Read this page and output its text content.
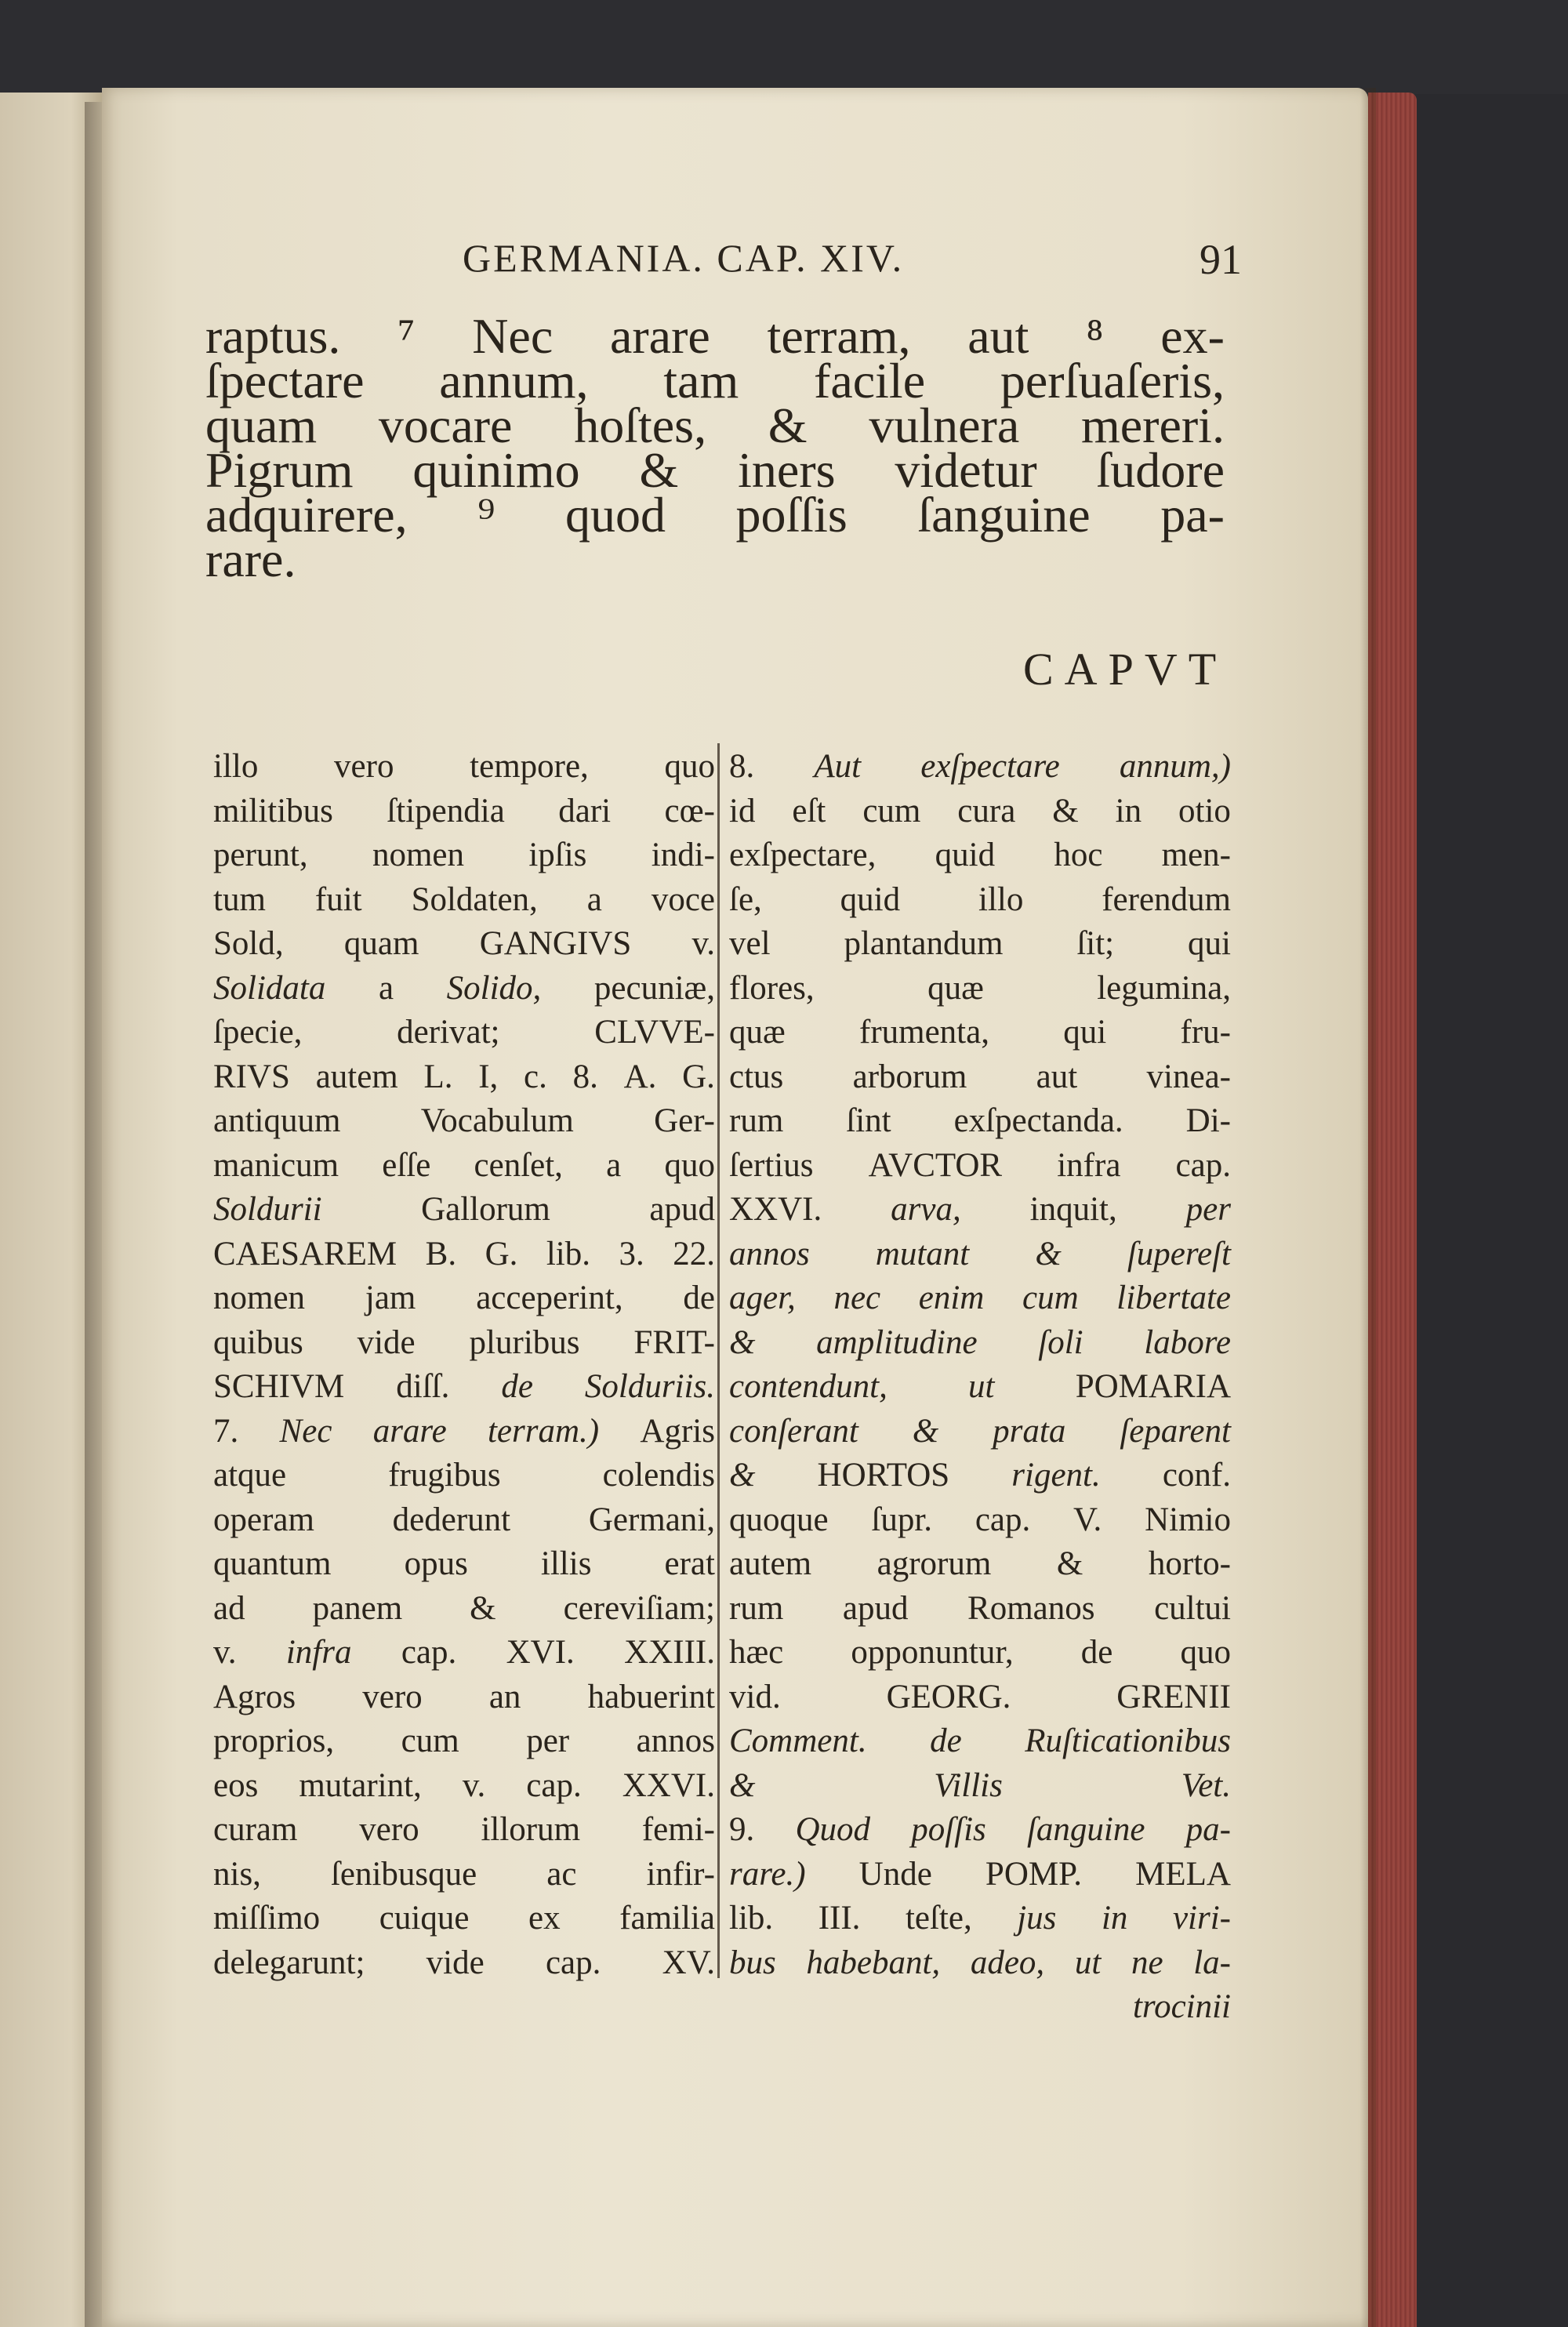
GERMANIA. CAP. XIV.	91
raptus. ⁷ Nec arare terram, aut ⁸ ex-
ſpectare annum, tam facile perſuaſeris,
quam vocare hoſtes, & vulnera mereri.
Pigrum quinimo & iners videtur ſudore
adquirere, ⁹ quod poſſis ſanguine pa-
rare.
CAPVT
illo vero tempore, quo
militibus ſtipendia dari cœ-
perunt, nomen ipſis indi-
tum fuit Soldaten, a voce
Sold, quam GANGIVS v.
Solidata a Solido, pecuniæ,
ſpecie,	derivat;	CLVVE-
RIVS autem L. I, c. 8. A. G.
antiquum Vocabulum Ger-
manicum eſſe cenſet, a quo
Soldurii	Gallorum	apud
CAESAREM B. G. lib. 3. 22.
nomen jam acceperint, de
quibus vide pluribus FRIT-
SCHIVM diſſ. de Solduriis.
7. Nec arare terram.) Agris
atque	frugibus	colendis
operam dederunt Germani,
quantum opus illis erat
ad panem & cereviſiam;
v. infra cap. XVI. XXIII.
Agros vero an habuerint
proprios, cum per annos
eos mutarint, v. cap. XXVI.
curam vero illorum femi-
nis, ſenibusque ac infir-
miſſimo cuique ex familia
delegarunt; vide cap. XV.
8. Aut exſpectare annum,)
id eſt cum cura & in otio
exſpectare, quid hoc men-
ſe, quid illo ferendum
vel plantandum ſit; qui
flores,	quæ	legumina,
quæ frumenta, qui fru-
ctus arborum aut vinea-
rum ſint exſpectanda. Di-
ſertius AVCTOR infra cap.
XXVI. arva, inquit, per
annos mutant & ſupereſt
ager, nec enim cum libertate
& amplitudine ſoli labore
contendunt, ut POMARIA
conſerant & prata ſeparent
& HORTOS rigent. conf.
quoque ſupr. cap. V. Nimio
autem agrorum & horto-
rum apud Romanos cultui
hæc opponuntur, de quo
vid.	GEORG.	GRENII
Comment. de Ruſticationibus
&	Villis	Vet.
9. Quod poſſis ſanguine pa-
rare.) Unde POMP. MELA
lib. III. teſte, jus in viri-
bus habebant, adeo, ut ne la-
trocinii
